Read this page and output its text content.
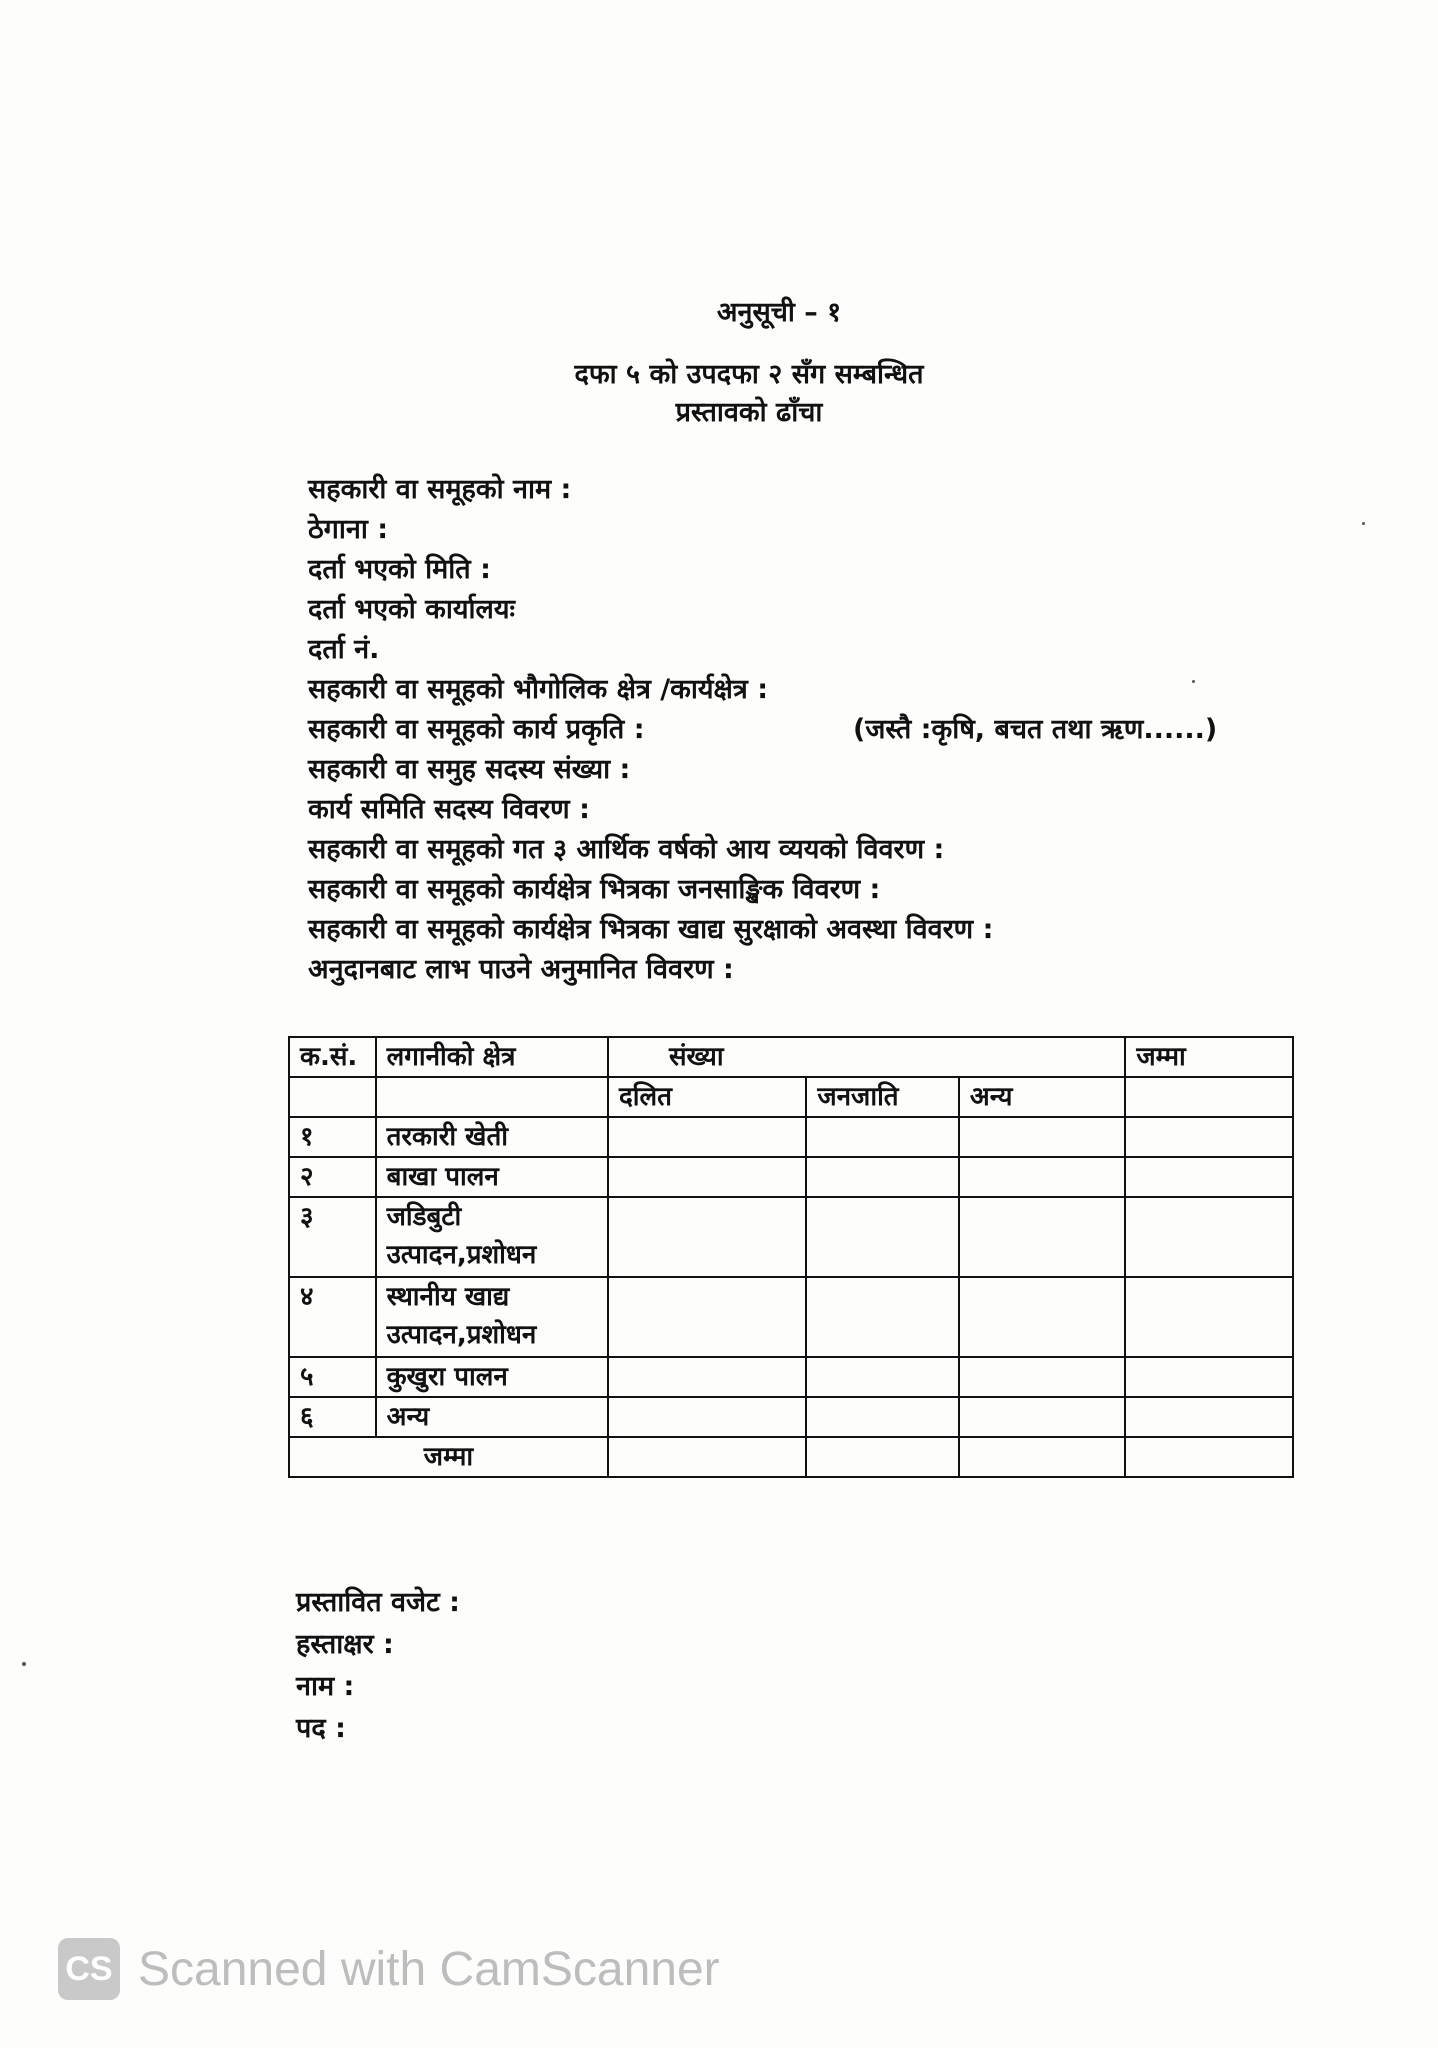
अनुसूची – १
दफा ५ को उपदफा २ सँग सम्बन्धित
प्रस्तावको ढाँचा
सहकारी वा समूहको नाम :
ठेगाना :
दर्ता भएको मिति :
दर्ता भएको कार्यालयः
दर्ता नं.
सहकारी वा समूहको भौगोलिक क्षेत्र /कार्यक्षेत्र :
सहकारी वा समूहको कार्य प्रकृति :	(जस्तै :कृषि, बचत तथा ऋण......)
सहकारी वा समुह सदस्य संख्या :
कार्य समिति सदस्य विवरण :
सहकारी वा समूहको गत ३ आर्थिक वर्षको आय व्ययको विवरण :
सहकारी वा समूहको कार्यक्षेत्र भित्रका जनसाङ्खिक विवरण :
सहकारी वा समूहको कार्यक्षेत्र भित्रका खाद्य सुरक्षाको अवस्था विवरण :
अनुदानबाट लाभ पाउने अनुमानित विवरण :
क.सं.	लगानीको क्षेत्र	संख्या			जम्मा
		दलित	जनजाति	अन्य	
१	तरकारी खेती				
२	बाखा पालन				
३	जडिबुटी उत्पादन,प्रशोधन				
४	स्थानीय खाद्य उत्पादन,प्रशोधन				
५	कुखुरा पालन				
६	अन्य				
जम्मा					
प्रस्तावित वजेट :
हस्ताक्षर :
नाम :
पद :
CS Scanned with CamScanner
